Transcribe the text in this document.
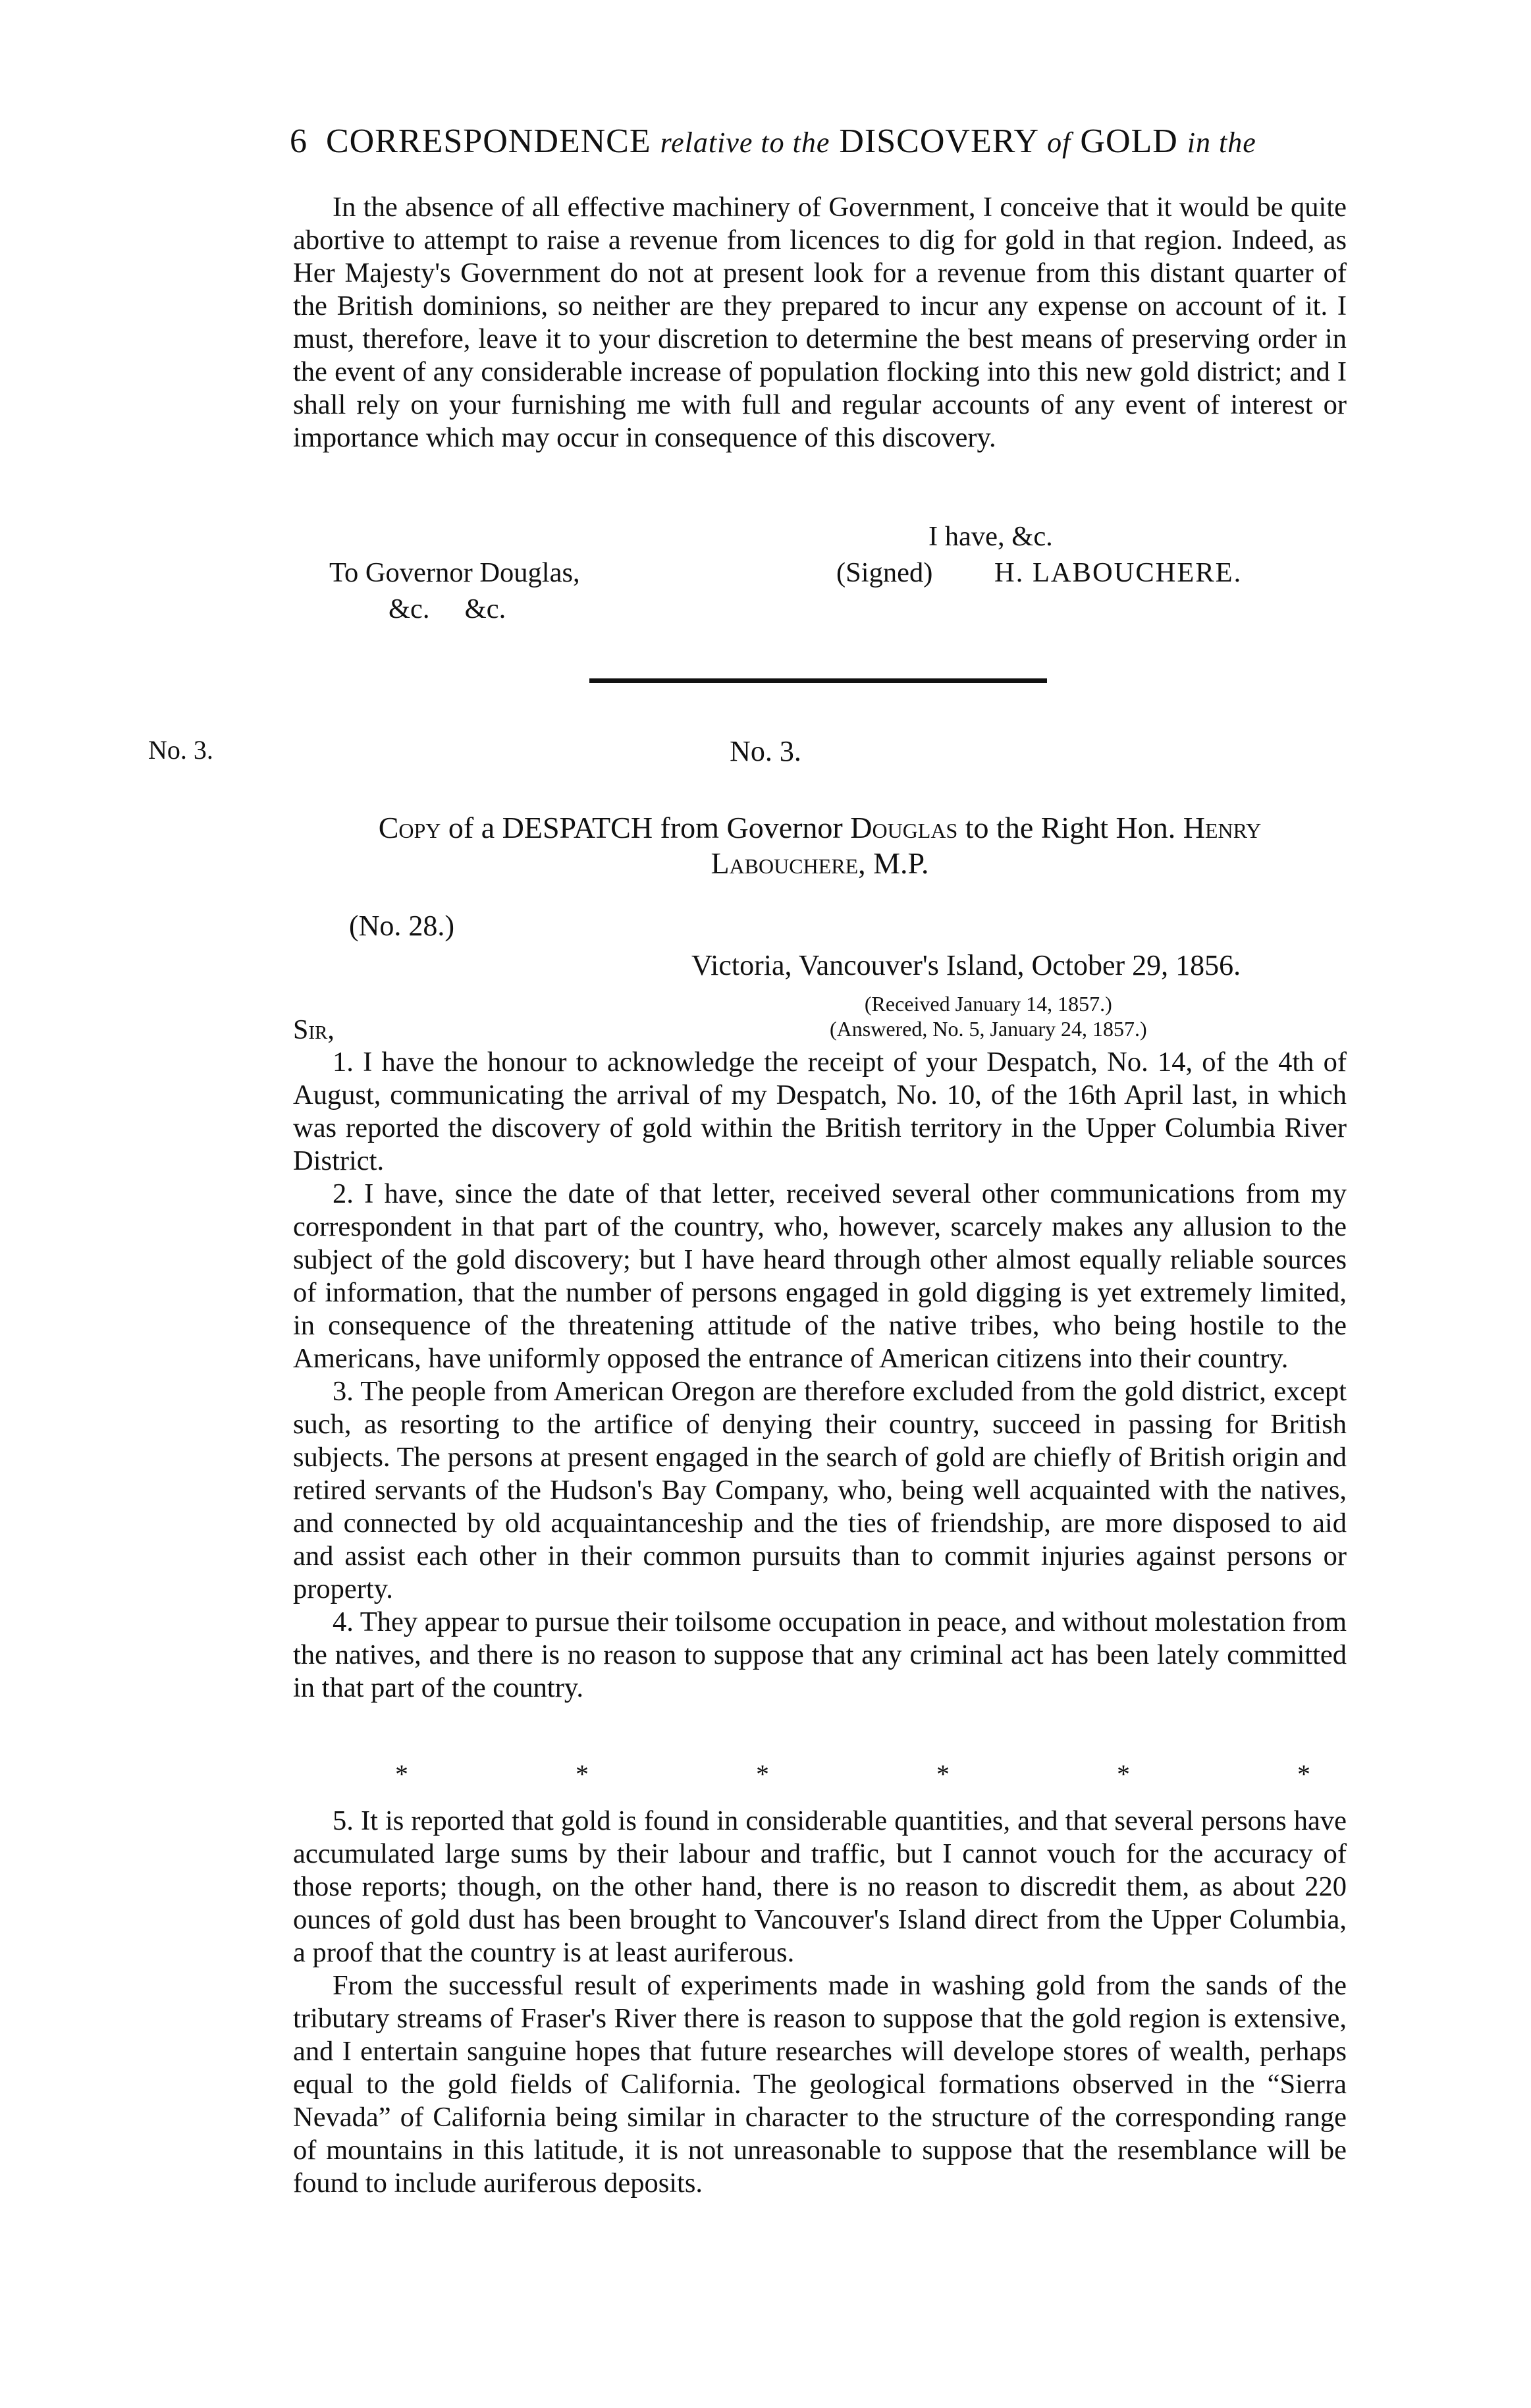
6 CORRESPONDENCE relative to the DISCOVERY of GOLD in the

In the absence of all effective machinery of Government, I conceive that it would be quite abortive to attempt to raise a revenue from licences to dig for gold in that region. Indeed, as Her Majesty's Government do not at present look for a revenue from this distant quarter of the British dominions, so neither are they prepared to incur any expense on account of it. I must, therefore, leave it to your discretion to determine the best means of preserving order in the event of any considerable increase of population flocking into this new gold district; and I shall rely on your furnishing me with full and regular accounts of any event of interest or importance which may occur in consequence of this discovery.

I have, &c.
To Governor Douglas,	(Signed) H. LABOUCHERE.
&c.     &c.
No. 3.	No. 3.
Copy of a DESPATCH from Governor Douglas to the Right Hon. Henry
Labouchere, M.P.
(No. 28.)
Victoria, Vancouver's Island, October 29, 1856.
(Received January 14, 1857.)
(Answered, No. 5, January 24, 1857.)
Sir,

1. I have the honour to acknowledge the receipt of your Despatch, No. 14, of the 4th of August, communicating the arrival of my Despatch, No. 10, of the 16th April last, in which was reported the discovery of gold within the British territory in the Upper Columbia River District.

2. I have, since the date of that letter, received several other communications from my correspondent in that part of the country, who, however, scarcely makes any allusion to the subject of the gold discovery; but I have heard through other almost equally reliable sources of information, that the number of persons engaged in gold digging is yet extremely limited, in consequence of the threatening attitude of the native tribes, who being hostile to the Americans, have uniformly opposed the entrance of American citizens into their country.

3. The people from American Oregon are therefore excluded from the gold district, except such, as resorting to the artifice of denying their country, succeed in passing for British subjects. The persons at present engaged in the search of gold are chiefly of British origin and retired servants of the Hudson's Bay Company, who, being well acquainted with the natives, and connected by old acquaintanceship and the ties of friendship, are more disposed to aid and assist each other in their common pursuits than to commit injuries against persons or property.

4. They appear to pursue their toilsome occupation in peace, and without molestation from the natives, and there is no reason to suppose that any criminal act has been lately committed in that part of the country.

*	*	*	*	*	*

5. It is reported that gold is found in considerable quantities, and that several persons have accumulated large sums by their labour and traffic, but I cannot vouch for the accuracy of those reports; though, on the other hand, there is no reason to discredit them, as about 220 ounces of gold dust has been brought to Vancouver's Island direct from the Upper Columbia, a proof that the country is at least auriferous.

From the successful result of experiments made in washing gold from the sands of the tributary streams of Fraser's River there is reason to suppose that the gold region is extensive, and I entertain sanguine hopes that future researches will develope stores of wealth, perhaps equal to the gold fields of California. The geological formations observed in the “Sierra Nevada” of California being similar in character to the structure of the corresponding range of mountains in this latitude, it is not unreasonable to suppose that the resemblance will be found to include auriferous deposits.
